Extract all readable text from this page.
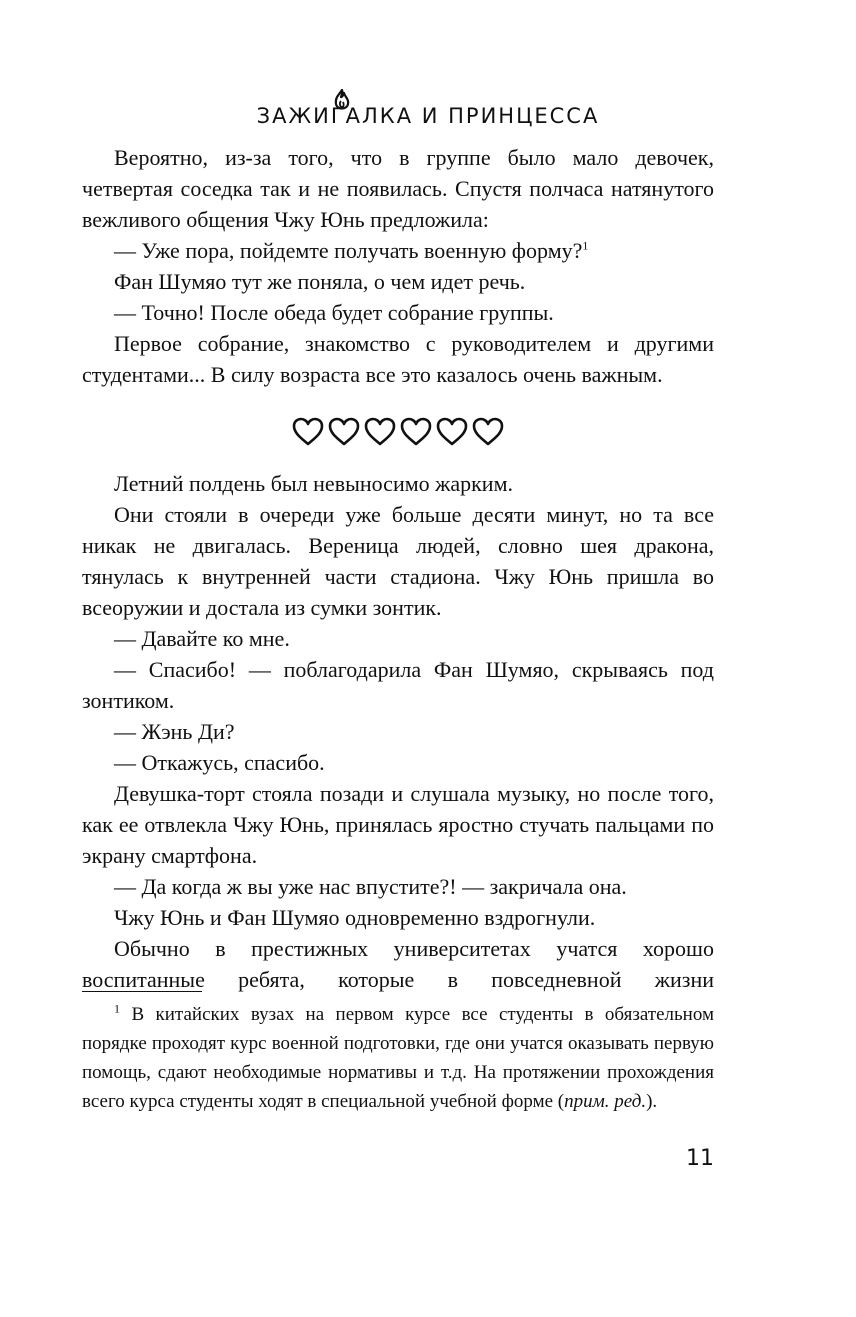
ЗАЖИГАЛКА И ПРИНЦЕССА

Вероятно, из-за того, что в группе было мало девочек, четвертая соседка так и не появилась. Спустя полчаса натянутого вежливого общения Чжу Юнь предложила:

— Уже пора, пойдемте получать военную форму?$^1$

Фан Шумяо тут же поняла, о чем идет речь.

— Точно! После обеда будет собрание группы.

Первое собрание, знакомство с руководителем и другими студентами... В силу возраста все это казалось очень важным.

Летний полдень был невыносимо жарким.

Они стояли в очереди уже больше десяти минут, но та все никак не двигалась. Вереница людей, словно шея дракона, тянулась к внутренней части стадиона. Чжу Юнь пришла во всеоружии и достала из сумки зонтик.

— Давайте ко мне.

— Спасибо! — поблагодарила Фан Шумяо, скрываясь под зонтиком.

— Жэнь Ди?

— Откажусь, спасибо.

Девушка-торт стояла позади и слушала музыку, но после того, как ее отвлекла Чжу Юнь, принялась яростно стучать пальцами по экрану смартфона.

— Да когда ж вы уже нас впустите?! — закричала она.

Чжу Юнь и Фан Шумяо одновременно вздрогнули.

Обычно в престижных университетах учатся хорошо воспитанные ребята, которые в повседневной жизни

$^1$ В китайских вузах на первом курсе все студенты в обязательном порядке проходят курс военной подготовки, где они учатся оказывать первую помощь, сдают необходимые нормативы и т.д. На протяжении прохождения всего курса студенты ходят в специальной учебной форме (прим. ред.).

11
